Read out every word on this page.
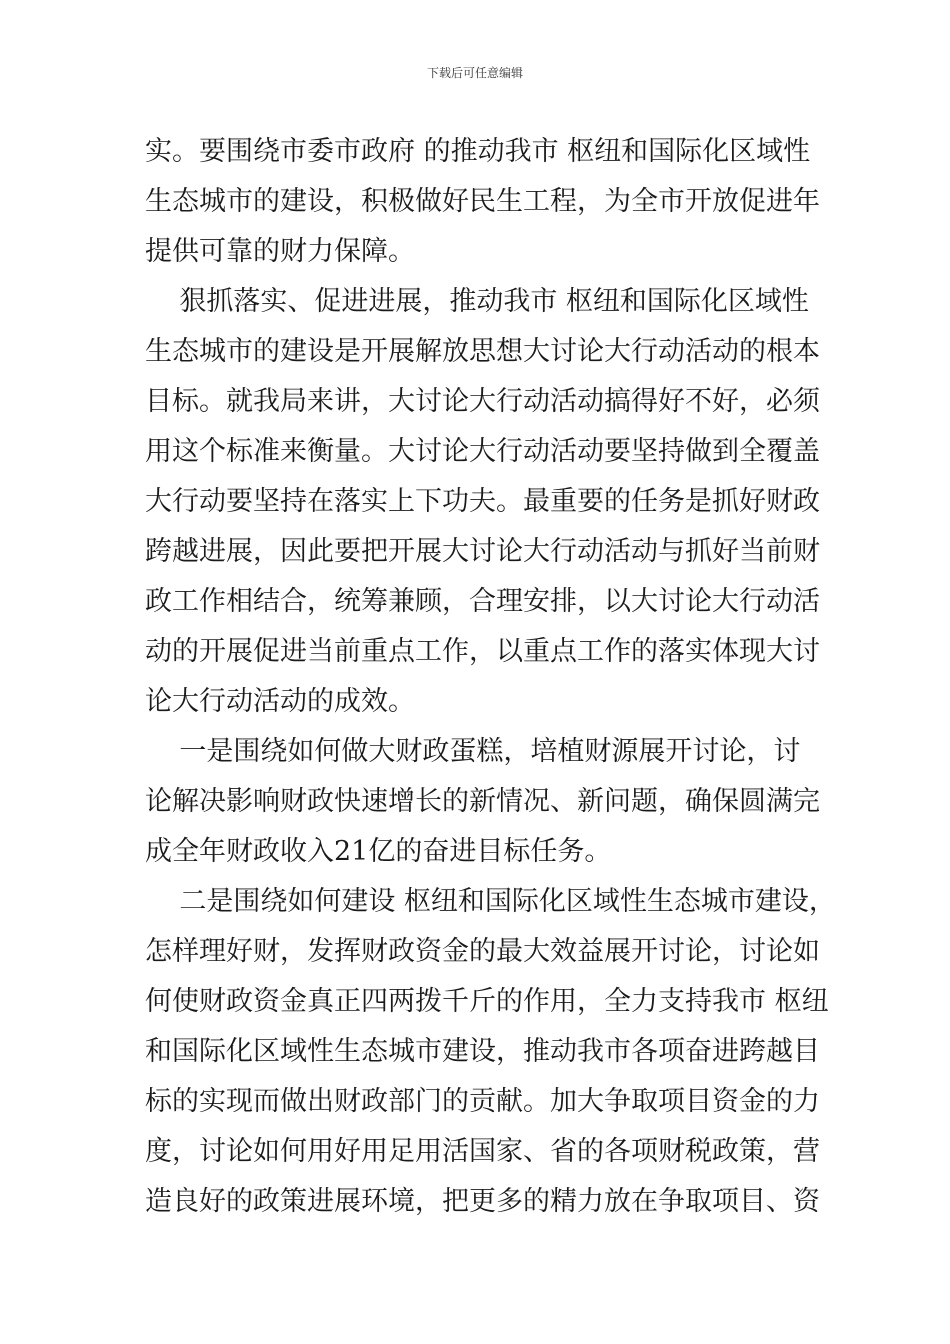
下载后可任意编辑
实。要围绕市委市政府 的推动我市 枢纽和国际化区域性
生态城市的建设，积极做好民生工程，为全市开放促进年
提供可靠的财力保障。
狠抓落实、促进进展，推动我市 枢纽和国际化区域性
生态城市的建设是开展解放思想大讨论大行动活动的根本
目标。就我局来讲，大讨论大行动活动搞得好不好，必须
用这个标准来衡量。大讨论大行动活动要坚持做到全覆盖
大行动要坚持在落实上下功夫。最重要的任务是抓好财政
跨越进展，因此要把开展大讨论大行动活动与抓好当前财
政工作相结合，统筹兼顾，合理安排，以大讨论大行动活
动的开展促进当前重点工作，以重点工作的落实体现大讨
论大行动活动的成效。
一是围绕如何做大财政蛋糕，培植财源展开讨论，讨
论解决影响财政快速增长的新情况、新问题，确保圆满完
成全年财政收入21亿的奋进目标任务。
二是围绕如何建设 枢纽和国际化区域性生态城市建设，
怎样理好财，发挥财政资金的最大效益展开讨论，讨论如
何使财政资金真正四两拨千斤的作用，全力支持我市 枢纽
和国际化区域性生态城市建设，推动我市各项奋进跨越目
标的实现而做出财政部门的贡献。加大争取项目资金的力
度，讨论如何用好用足用活国家、省的各项财税政策，营
造良好的政策进展环境，把更多的精力放在争取项目、资
